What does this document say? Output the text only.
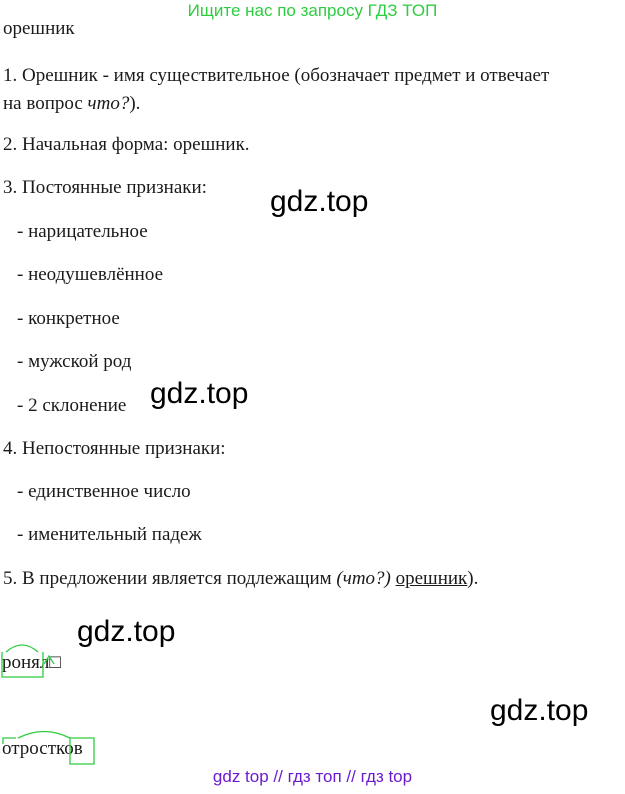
Ищите нас по запросу ГДЗ ТОП
орешник
1. Орешник - имя существительное (обозначает предмет и отвечает
на вопрос что?).
2. Начальная форма: орешник.
3. Постоянные признаки:
- нарицательное
- неодушевлённое
- конкретное
- мужской род
- 2 склонение
4. Непостоянные признаки:
- единственное число
- именительный падеж
5. В предложении является подлежащим (что?) орешник).
gdz.top
gdz.top
gdz.top
gdz.top
ронял□
отростков
gdz top // гдз топ // гдз top
